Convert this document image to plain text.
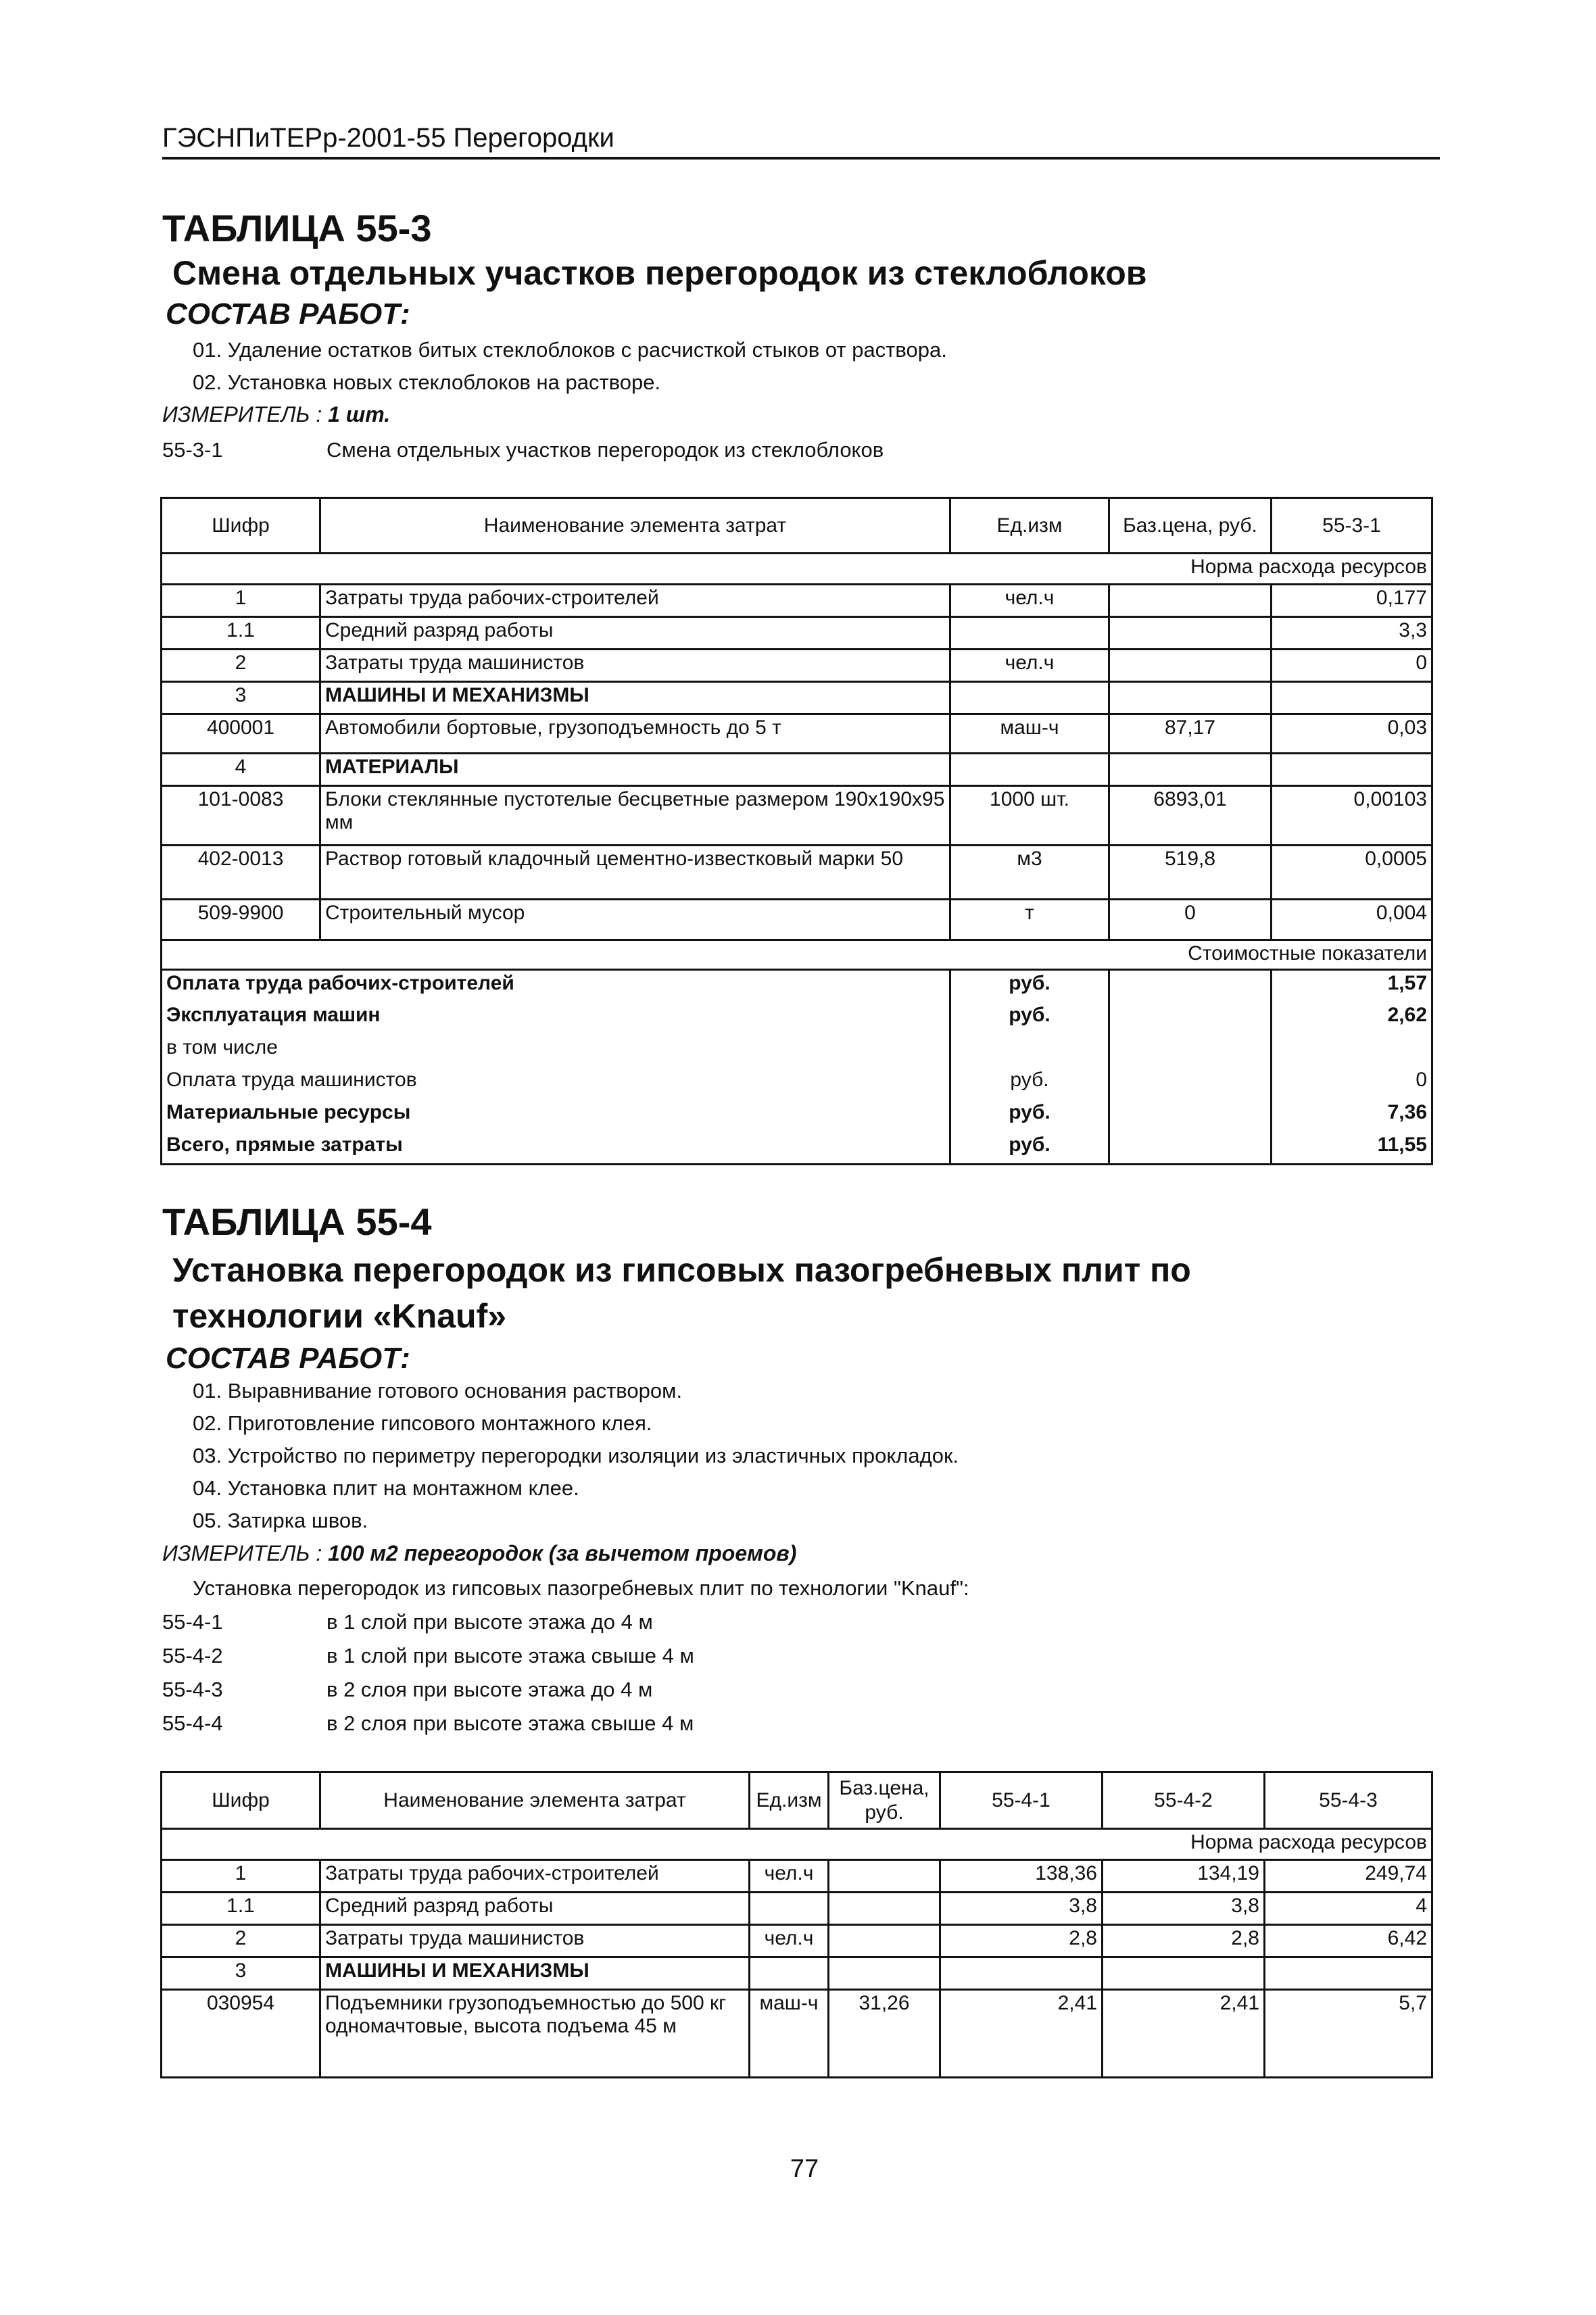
ГЭСНПиТЕРр-2001-55 Перегородки
ТАБЛИЦА 55-3
Смена отдельных участков перегородок из стеклоблоков
СОСТАВ РАБОТ:
01. Удаление остатков битых стеклоблоков с расчисткой стыков от раствора.
02. Установка новых стеклоблоков на растворе.
ИЗМЕРИТЕЛЬ : 1 шт.
55-3-1	Смена отдельных участков перегородок из стеклоблоков
Шифр	Наименование элемента затрат	Ед.изм	Баз.цена, руб.	55-3-1
Норма расхода ресурсов				
1	Затраты труда рабочих-строителей	чел.ч		0,177
1.1	Средний разряд работы			3,3
2	Затраты труда машинистов	чел.ч		0
3	МАШИНЫ И МЕХАНИЗМЫ			
400001	Автомобили бортовые, грузоподъемность до 5 т	маш-ч	87,17	0,03
4	МАТЕРИАЛЫ			
101-0083	Блоки стеклянные пустотелые бесцветные размером 190x190x95 мм	1000 шт.	6893,01	0,00103
402-0013	Раствор готовый кладочный цементно-известковый марки 50	м3	519,8	0,0005
509-9900	Строительный мусор	т	0	0,004
Стоимостные показатели				
Оплата труда рабочих-строителей		руб.		1,57
Эксплуатация машин		руб.		2,62
в том числе				
Оплата труда машинистов		руб.		0
Материальные ресурсы		руб.		7,36
Всего, прямые затраты		руб.		11,55
ТАБЛИЦА 55-4
Установка перегородок из гипсовых пазогребневых плит по технологии «Knauf»
СОСТАВ РАБОТ:
01. Выравнивание готового основания раствором.
02. Приготовление гипсового монтажного клея.
03. Устройство по периметру перегородки изоляции из эластичных прокладок.
04. Установка плит на монтажном клее.
05. Затирка швов.
ИЗМЕРИТЕЛЬ : 100 м2 перегородок (за вычетом проемов)
Установка перегородок из гипсовых пазогребневых плит по технологии "Knauf":
55-4-1	в 1 слой при высоте этажа до 4 м
55-4-2	в 1 слой при высоте этажа свыше 4 м
55-4-3	в 2 слоя при высоте этажа до 4 м
55-4-4	в 2 слоя при высоте этажа свыше 4 м
Шифр	Наименование элемента затрат	Ед.изм	Баз.цена, руб.	55-4-1	55-4-2	55-4-3
Норма расхода ресурсов						
1	Затраты труда рабочих-строителей	чел.ч		138,36	134,19	249,74
1.1	Средний разряд работы			3,8	3,8	4
2	Затраты труда машинистов	чел.ч		2,8	2,8	6,42
3	МАШИНЫ И МЕХАНИЗМЫ					
030954	Подъемники грузоподъемностью до 500 кг одномачтовые, высота подъема 45 м	маш-ч	31,26	2,41	2,41	5,7
77
